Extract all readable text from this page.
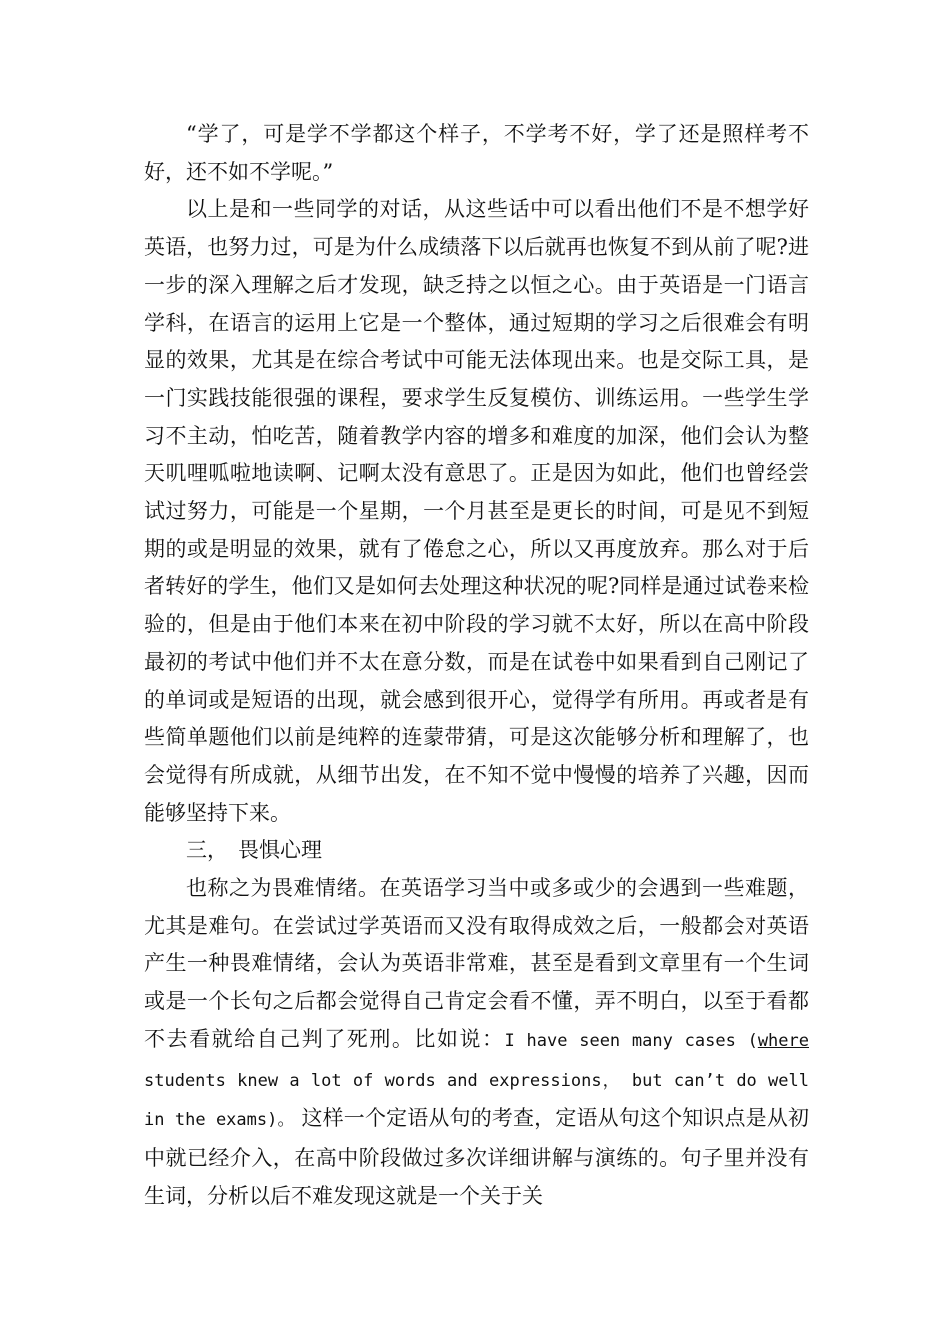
“学了，可是学不学都这个样子，不学考不好，学了还是照样考不好，还不如不学呢。”

以上是和一些同学的对话，从这些话中可以看出他们不是不想学好英语，也努力过，可是为什么成绩落下以后就再也恢复不到从前了呢?进一步的深入理解之后才发现，缺乏持之以恒之心。由于英语是一门语言学科，在语言的运用上它是一个整体，通过短期的学习之后很难会有明显的效果，尤其是在综合考试中可能无法体现出来。也是交际工具，是一门实践技能很强的课程，要求学生反复模仿、训练运用。一些学生学习不主动，怕吃苦，随着教学内容的增多和难度的加深，他们会认为整天叽哩呱啦地读啊、记啊太没有意思了。正是因为如此，他们也曾经尝试过努力，可能是一个星期，一个月甚至是更长的时间，可是见不到短期的或是明显的效果，就有了倦怠之心，所以又再度放弃。那么对于后者转好的学生，他们又是如何去处理这种状况的呢?同样是通过试卷来检验的，但是由于他们本来在初中阶段的学习就不太好，所以在高中阶段最初的考试中他们并不太在意分数，而是在试卷中如果看到自己刚记了的单词或是短语的出现，就会感到很开心，觉得学有所用。再或者是有些简单题他们以前是纯粹的连蒙带猜，可是这次能够分析和理解了，也会觉得有所成就，从细节出发，在不知不觉中慢慢的培养了兴趣，因而能够坚持下来。

三， 畏惧心理

也称之为畏难情绪。在英语学习当中或多或少的会遇到一些难题，尤其是难句。在尝试过学英语而又没有取得成效之后，一般都会对英语产生一种畏难情绪，会认为英语非常难，甚至是看到文章里有一个生词或是一个长句之后都会觉得自己肯定会看不懂，弄不明白，以至于看都不去看就给自己判了死刑。比如说：I have seen many cases (where students knew a lot of words and expressions， but can’t do well in the exams)。 这样一个定语从句的考查，定语从句这个知识点是从初中就已经介入，在高中阶段做过多次详细讲解与演练的。句子里并没有生词，分析以后不难发现这就是一个关于关
